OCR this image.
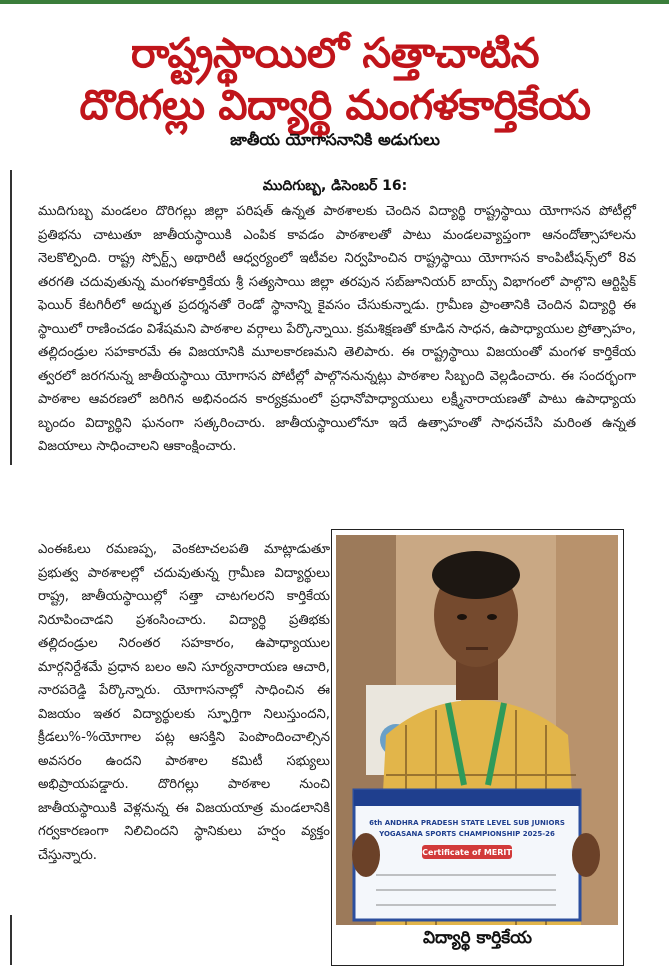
రాష్ట్రస్థాయిలో సత్తాచాటిన
దొరిగల్లు విద్యార్థి మంగళకార్తికేయ
జాతీయ యోగాసనానికి అడుగులు
ముదిగుబ్బ, డిసెంబర్ 16:

ముదిగుబ్బ మండలం దొరిగల్లు జిల్లా పరిషత్ ఉన్నత పాఠశాలకు చెందిన విద్యార్థి రాష్ట్రస్థాయి యోగాసన పోటీల్లో ప్రతిభను చాటుతూ జాతీయస్థాయికి ఎంపిక కావడం పాఠశాలతో పాటు మండలవ్యాప్తంగా ఆనందోత్సాహాలను నెలకొల్పింది. రాష్ట్ర స్పోర్ట్స్ అథారిటీ ఆధ్వర్యంలో ఇటీవల నిర్వహించిన రాష్ట్రస్థాయి యోగాసన కాంపిటీషన్స్‌లో 8వ తరగతి చదువుతున్న మంగళకార్తికేయ శ్రీ సత్యసాయి జిల్లా తరపున సబ్‌జూనియర్ బాయ్స్ విభాగంలో పాల్గొని ఆర్టిస్టిక్ ఫెయిర్ కేటగిరీలో అద్భుత ప్రదర్శనతో రెండో స్థానాన్ని కైవసం చేసుకున్నాడు. గ్రామీణ ప్రాంతానికి చెందిన విద్యార్థి ఈ స్థాయిలో రాణించడం విశేషమని పాఠశాల వర్గాలు పేర్కొన్నాయి. క్రమశిక్షణతో కూడిన సాధన, ఉపాధ్యాయుల ప్రోత్సాహం, తల్లిదండ్రుల సహకారమే ఈ విజయానికి మూలకారణమని తెలిపారు. ఈ రాష్ట్రస్థాయి విజయంతో మంగళ కార్తికేయ త్వరలో జరగనున్న జాతీయస్థాయి యోగాసన పోటీల్లో పాల్గొననున్నట్లు పాఠశాల సిబ్బంది వెల్లడించారు. ఈ సందర్భంగా పాఠశాల ఆవరణలో జరిగిన అభినందన కార్యక్రమంలో ప్రధానోపాధ్యాయులు లక్ష్మీనారాయణతో పాటు ఉపాధ్యాయ బృందం విద్యార్థిని ఘనంగా సత్కరించారు. జాతీయస్థాయిలోనూ ఇదే ఉత్సాహంతో సాధనచేసి మరింత ఉన్నత విజయాలు సాధించాలని ఆకాంక్షించారు.

ఎంఈఓలు రమణప్ప, వెంకటాచలపతి మాట్లాడుతూ ప్రభుత్వ పాఠశాలల్లో చదువుతున్న గ్రామీణ విద్యార్థులు రాష్ట్ర, జాతీయస్థాయిల్లో సత్తా చాటగలరని కార్తికేయ నిరూపించాడని ప్రశంసించారు. విద్యార్థి ప్రతిభకు తల్లిదండ్రుల నిరంతర సహకారం, ఉపాధ్యాయుల మార్గనిర్దేశమే ప్రధాన బలం అని సూర్యనారాయణ ఆచారి, నారపరెడ్డి పేర్కొన్నారు. యోగాసనాల్లో సాధించిన ఈ విజయం ఇతర విద్యార్థులకు స్ఫూర్తిగా నిలుస్తుందని, క్రీడలు%-%యోగాల పట్ల ఆసక్తిని పెంపొందించాల్సిన అవసరం ఉందని పాఠశాల కమిటీ సభ్యులు అభిప్రాయపడ్డారు. దొరిగల్లు పాఠశాల నుంచి జాతీయస్థాయికి వెళ్లనున్న ఈ విజయయాత్ర మండలానికి గర్వకారణంగా నిలిచిందని స్థానికులు హర్షం వ్యక్తం చేస్తున్నారు.

6th ANDHRA PRADESH STATE LEVEL SUB JUNIORS
YOGASANA SPORTS CHAMPIONSHIP 2025-26
Certificate of MERIT
విద్యార్థి కార్తికేయ
